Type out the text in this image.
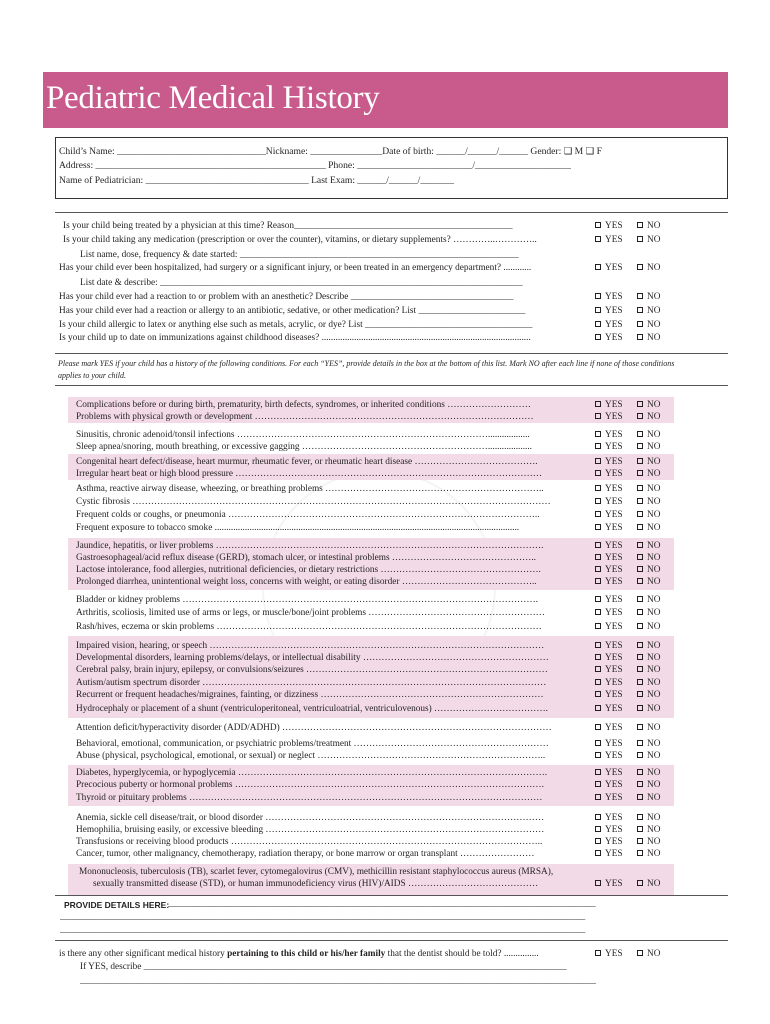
Pediatric Medical History
Child’s Name: _______________________________Nickname: _______________Date of birth: ______/______/______ Gender: ❑ M ❑ F
Address: ________________________________________________ Phone: ________________________/____________________
Name of Pediatrician: __________________________________ Last Exam: ______/______/_______
Is your child being treated by a physician at this time? Reason_______________________________________________	YES	NO
Is your child taking any medication (prescription or over the counter), vitamins, or dietary supplements? …………..…………..	YES	NO
List name, dose, frequency & date started: ____________________________________________________________
Has your child ever been hospitalized, had surgery or a significant injury, or been treated in an emergency department? ............	YES	NO
List date & describe: ______________________________________________________________________________
Has your child ever had a reaction to or problem with an anesthetic? Describe ___________________________________	YES	NO
Has your child ever had a reaction or allergy to an antibiotic, sedative, or other medication? List _______________________	YES	NO
Is your child allergic to latex or anything else such as metals, acrylic, or dye? List ____________________________________	YES	NO
Is your child up to date on immunizations against childhood diseases? ..........................................................................................	YES	NO
Please mark YES if your child has a history of the following conditions. For each “YES”, provide details in the box at the bottom of this list. Mark NO after each line if none of those conditions applies to your child.
Complications before or during birth, prematurity, birth defects, syndromes, or inherited conditions ………………………	YES	NO
Problems with physical growth or development ………………………………………………………………………………	YES	NO
Sinusitis, chronic adenoid/tonsil infections ………………………………………………………………………..................	YES	NO
Sleep apnea/snoring, mouth breathing, or excessive gagging ……………………………………………………...................	YES	NO
Congenital heart defect/disease, heart murmur, rheumatic fever, or rheumatic heart disease ………………………………….	YES	NO
Irregular heart beat or high blood pressure ………………………………………………………………………………………	YES	NO
Asthma, reactive airway disease, wheezing, or breathing problems ……………………………………………………………..	YES	NO
Cystic fibrosis ………………………………………………………………………………………………………………………	YES	NO
Frequent colds or coughs, or pneumonia ………………………………………………………………………………………..	YES	NO
Frequent exposure to tobacco smoke ...................................................................................................................................	YES	NO
Jaundice, hepatitis, or liver problems …………………………………………………………………………………………….	YES	NO
Gastroesophageal/acid reflux disease (GERD), stomach ulcer, or intestinal problems ………………………………………..	YES	NO
Lactose intolerance, food allergies, nutritional deficiencies, or dietary restrictions …………………………………………….	YES	NO
Prolonged diarrhea, unintentional weight loss, concerns with weight, or eating disorder ……………………………………..	YES	NO
Bladder or kidney problems …………………………………………………………………………………………………….	YES	NO
Arthritis, scoliosis, limited use of arms or legs, or muscle/bone/joint problems …………………………………………………	YES	NO
Rash/hives, eczema or skin problems ……………………………………………………………………………………………	YES	NO
Impaired vision, hearing, or speech ………………………………………………………………………………………………	YES	NO
Developmental disorders, learning problems/delays, or intellectual disability ……………………………………………………	YES	NO
Cerebral palsy, brain injury, epilepsy, or convulsions/seizures ……………………………………………………………………	YES	NO
Autism/autism spectrum disorder …………………………………………………………………………………………………	YES	NO
Recurrent or frequent headaches/migraines, fainting, or dizziness ………………………………………………………………	YES	NO
Hydrocephaly or placement of a shunt (ventriculoperitoneal, ventriculoatrial, ventriculovenous) ……………………………….	YES	NO
Attention deficit/hyperactivity disorder (ADD/ADHD) ……………………………………………………………………………	YES	NO
Behavioral, emotional, communication, or psychiatric problems/treatment ………………………………………………………	YES	NO
Abuse (physical, psychological, emotional, or sexual) or neglect ………………………………………………………………..	YES	NO
Diabetes, hyperglycemia, or hypoglycemia ……………………………………………………………………………………….	YES	NO
Precocious puberty or hormonal problems ……………………………………………………………………………………….	YES	NO
Thyroid or pituitary problems ……………………………………………………………………………………………………	YES	NO
Anemia, sickle cell disease/trait, or blood disorder ………………………………………………………………………………	YES	NO
Hemophilia, bruising easily, or excessive bleeding ………………………………………………………………………………	YES	NO
Transfusions or receiving blood products ………………………………………………………………………………………..	YES	NO
Cancer, tumor, other malignancy, chemotherapy, radiation therapy, or bone marrow or organ transplant ……………………	YES	NO
Mononucleosis, tuberculosis (TB), scarlet fever, cytomegalovirus (CMV), methicillin resistant staphylococcus aureus (MRSA),
sexually transmitted disease (STD), or human immunodeficiency virus (HIV)/AIDS ……………………………………	YES	NO
PROVIDE DETAILS HERE:
____________________________________________________________________________________________
_________________________________________________________________________________________________________________
_________________________________________________________________________________________________________________
is there any other significant medical history pertaining to this child or his/her family that the dentist should be told? ...............	YES	NO
If YES, describe ___________________________________________________________________________________________
_______________________________________________________________________________________________________________
